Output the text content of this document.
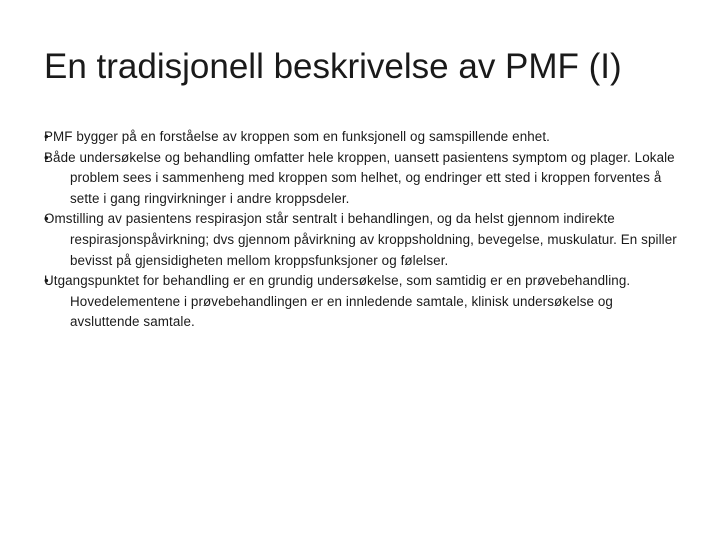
En tradisjonell beskrivelse av PMF (I)
PMF bygger på en forståelse av kroppen som en funksjonell og samspillende enhet.
Både undersøkelse og behandling omfatter hele kroppen, uansett pasientens symptom og plager. Lokale problem sees i sammenheng med kroppen som helhet, og endringer ett sted i kroppen forventes å sette i gang ringvirkninger i andre kroppsdeler.
Omstilling av pasientens respirasjon står sentralt i behandlingen, og da helst gjennom indirekte respirasjonspåvirkning; dvs gjennom påvirkning av kroppsholdning, bevegelse, muskulatur. En spiller bevisst på gjensidigheten mellom kroppsfunksjoner og følelser.
Utgangspunktet for behandling er en grundig undersøkelse, som samtidig er en prøvebehandling. Hovedelementene i prøvebehandlingen er en innledende samtale, klinisk undersøkelse og avsluttende samtale.
